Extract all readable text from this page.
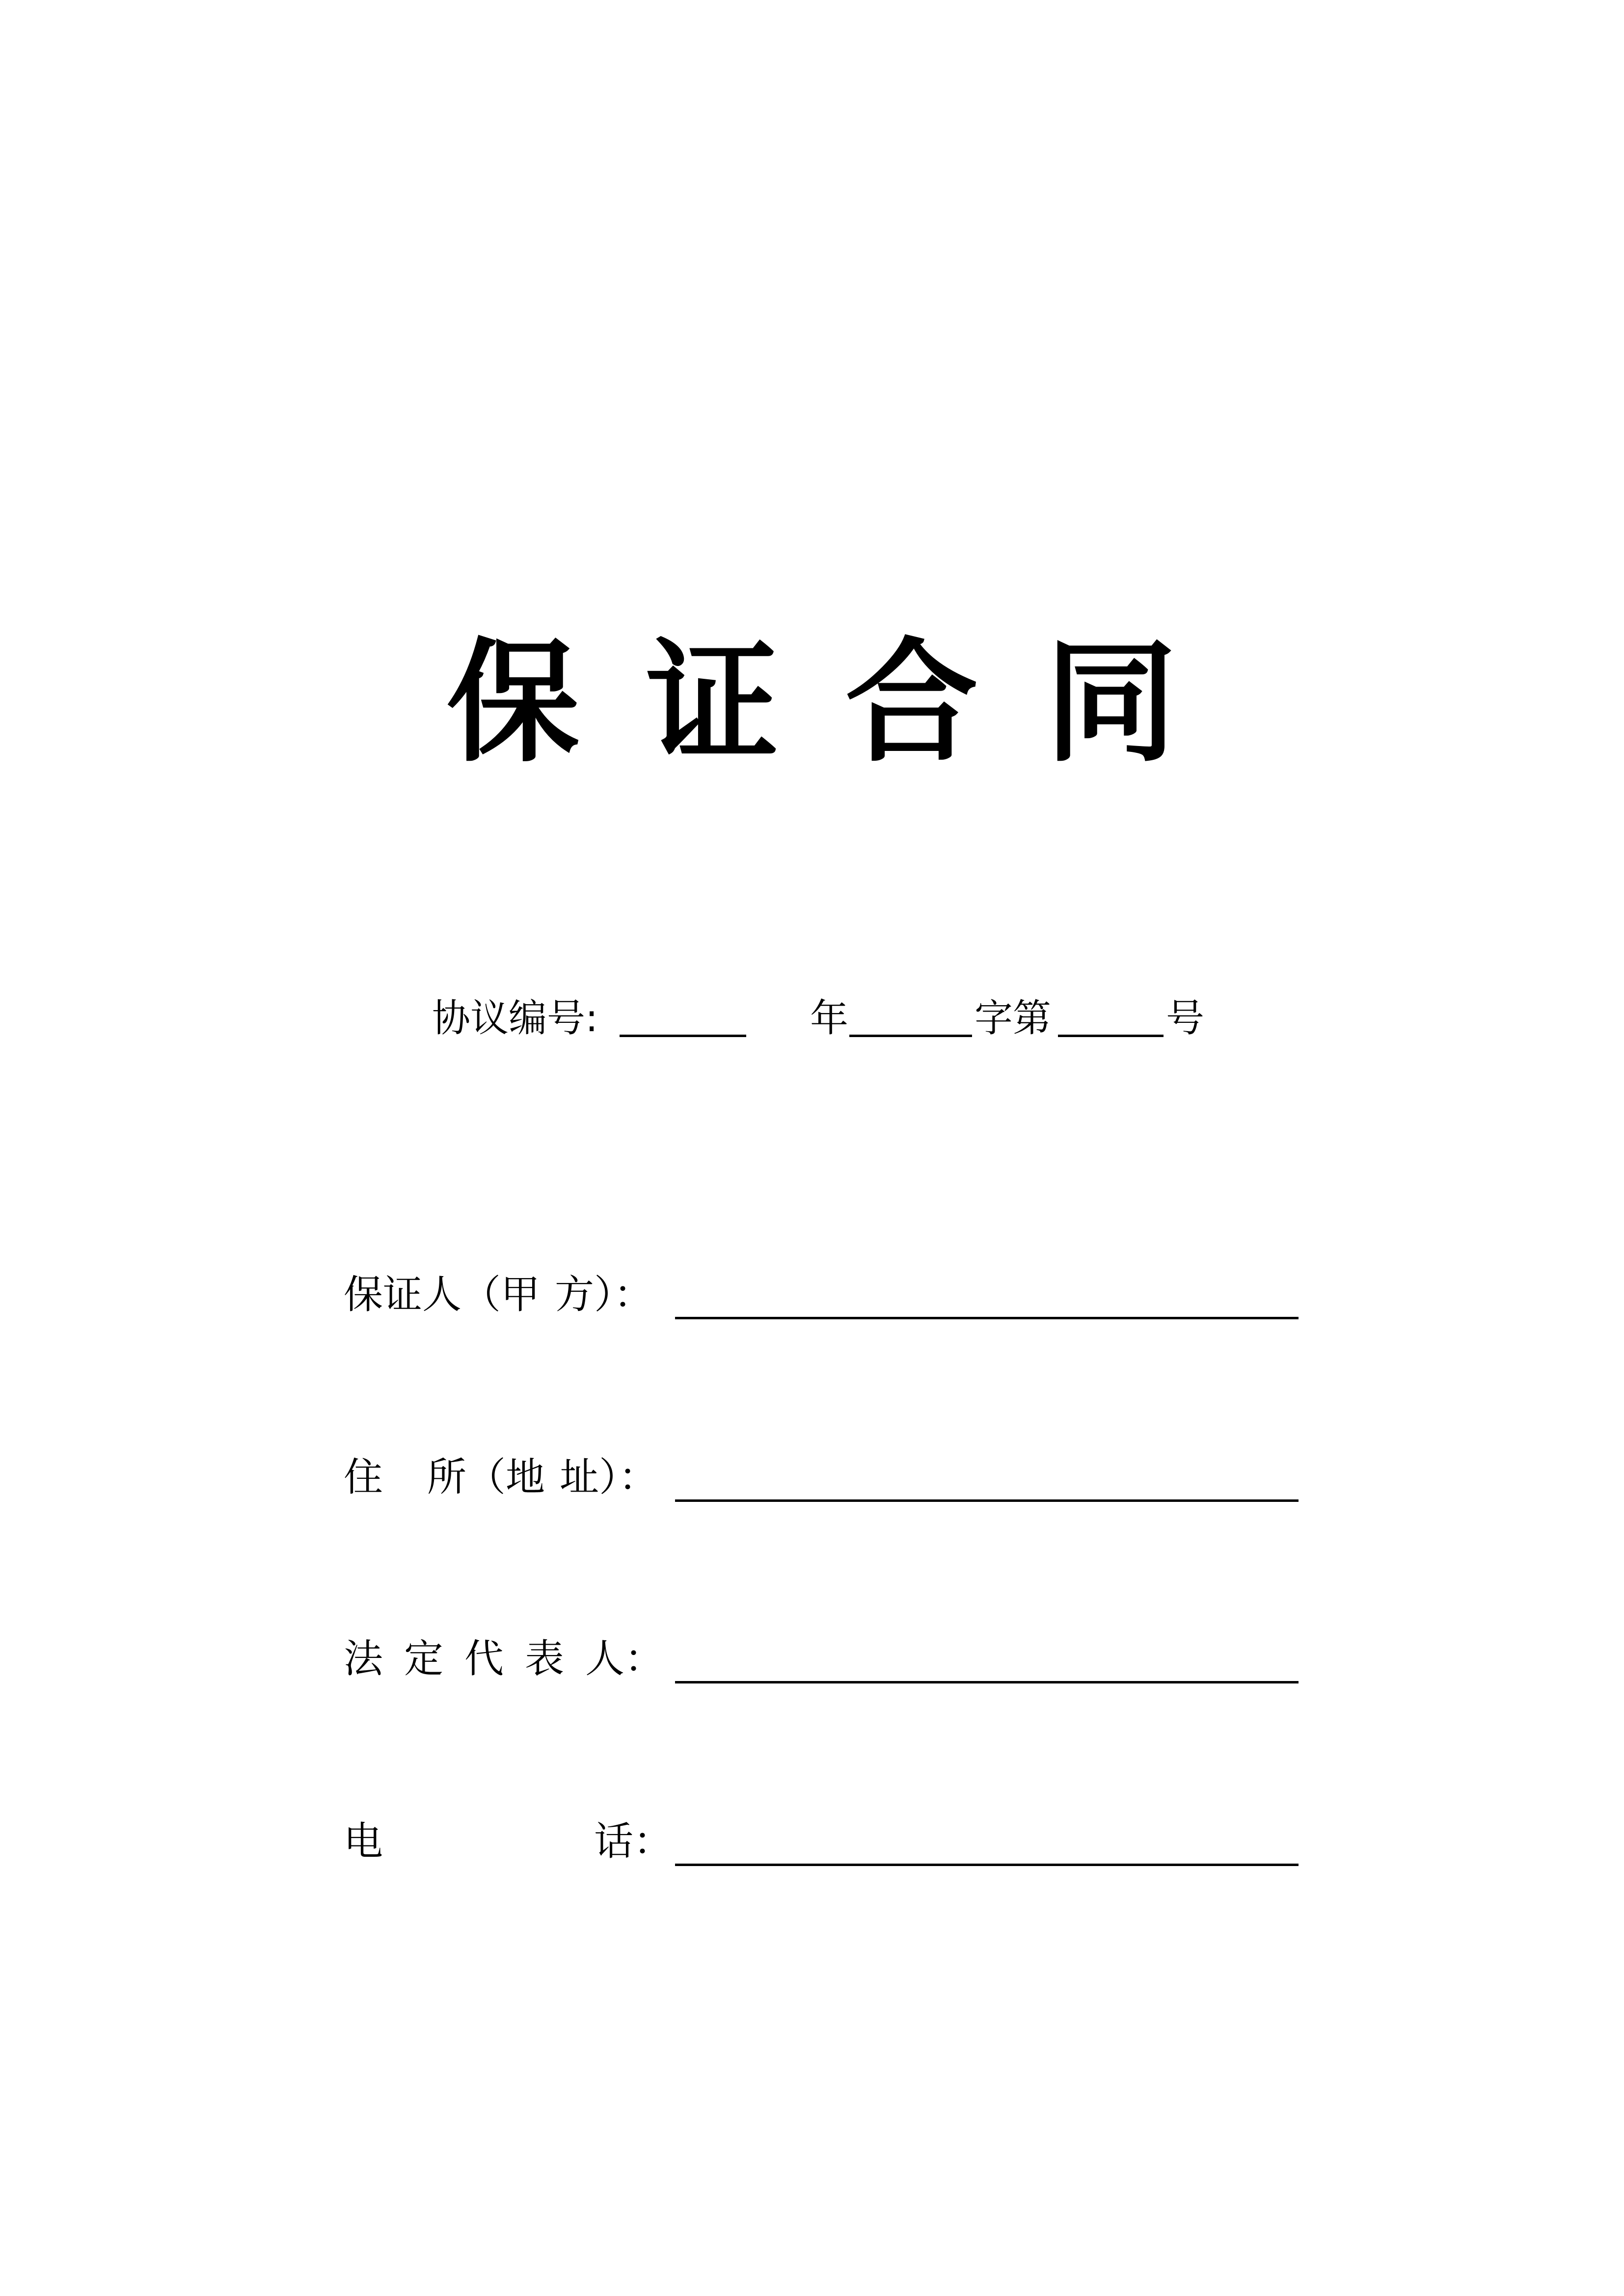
保 证 合 同
协议编号:	年	字第	号
保证人（甲 方）：
住 所（地 址）：
法 定 代 表 人：
电	话：
